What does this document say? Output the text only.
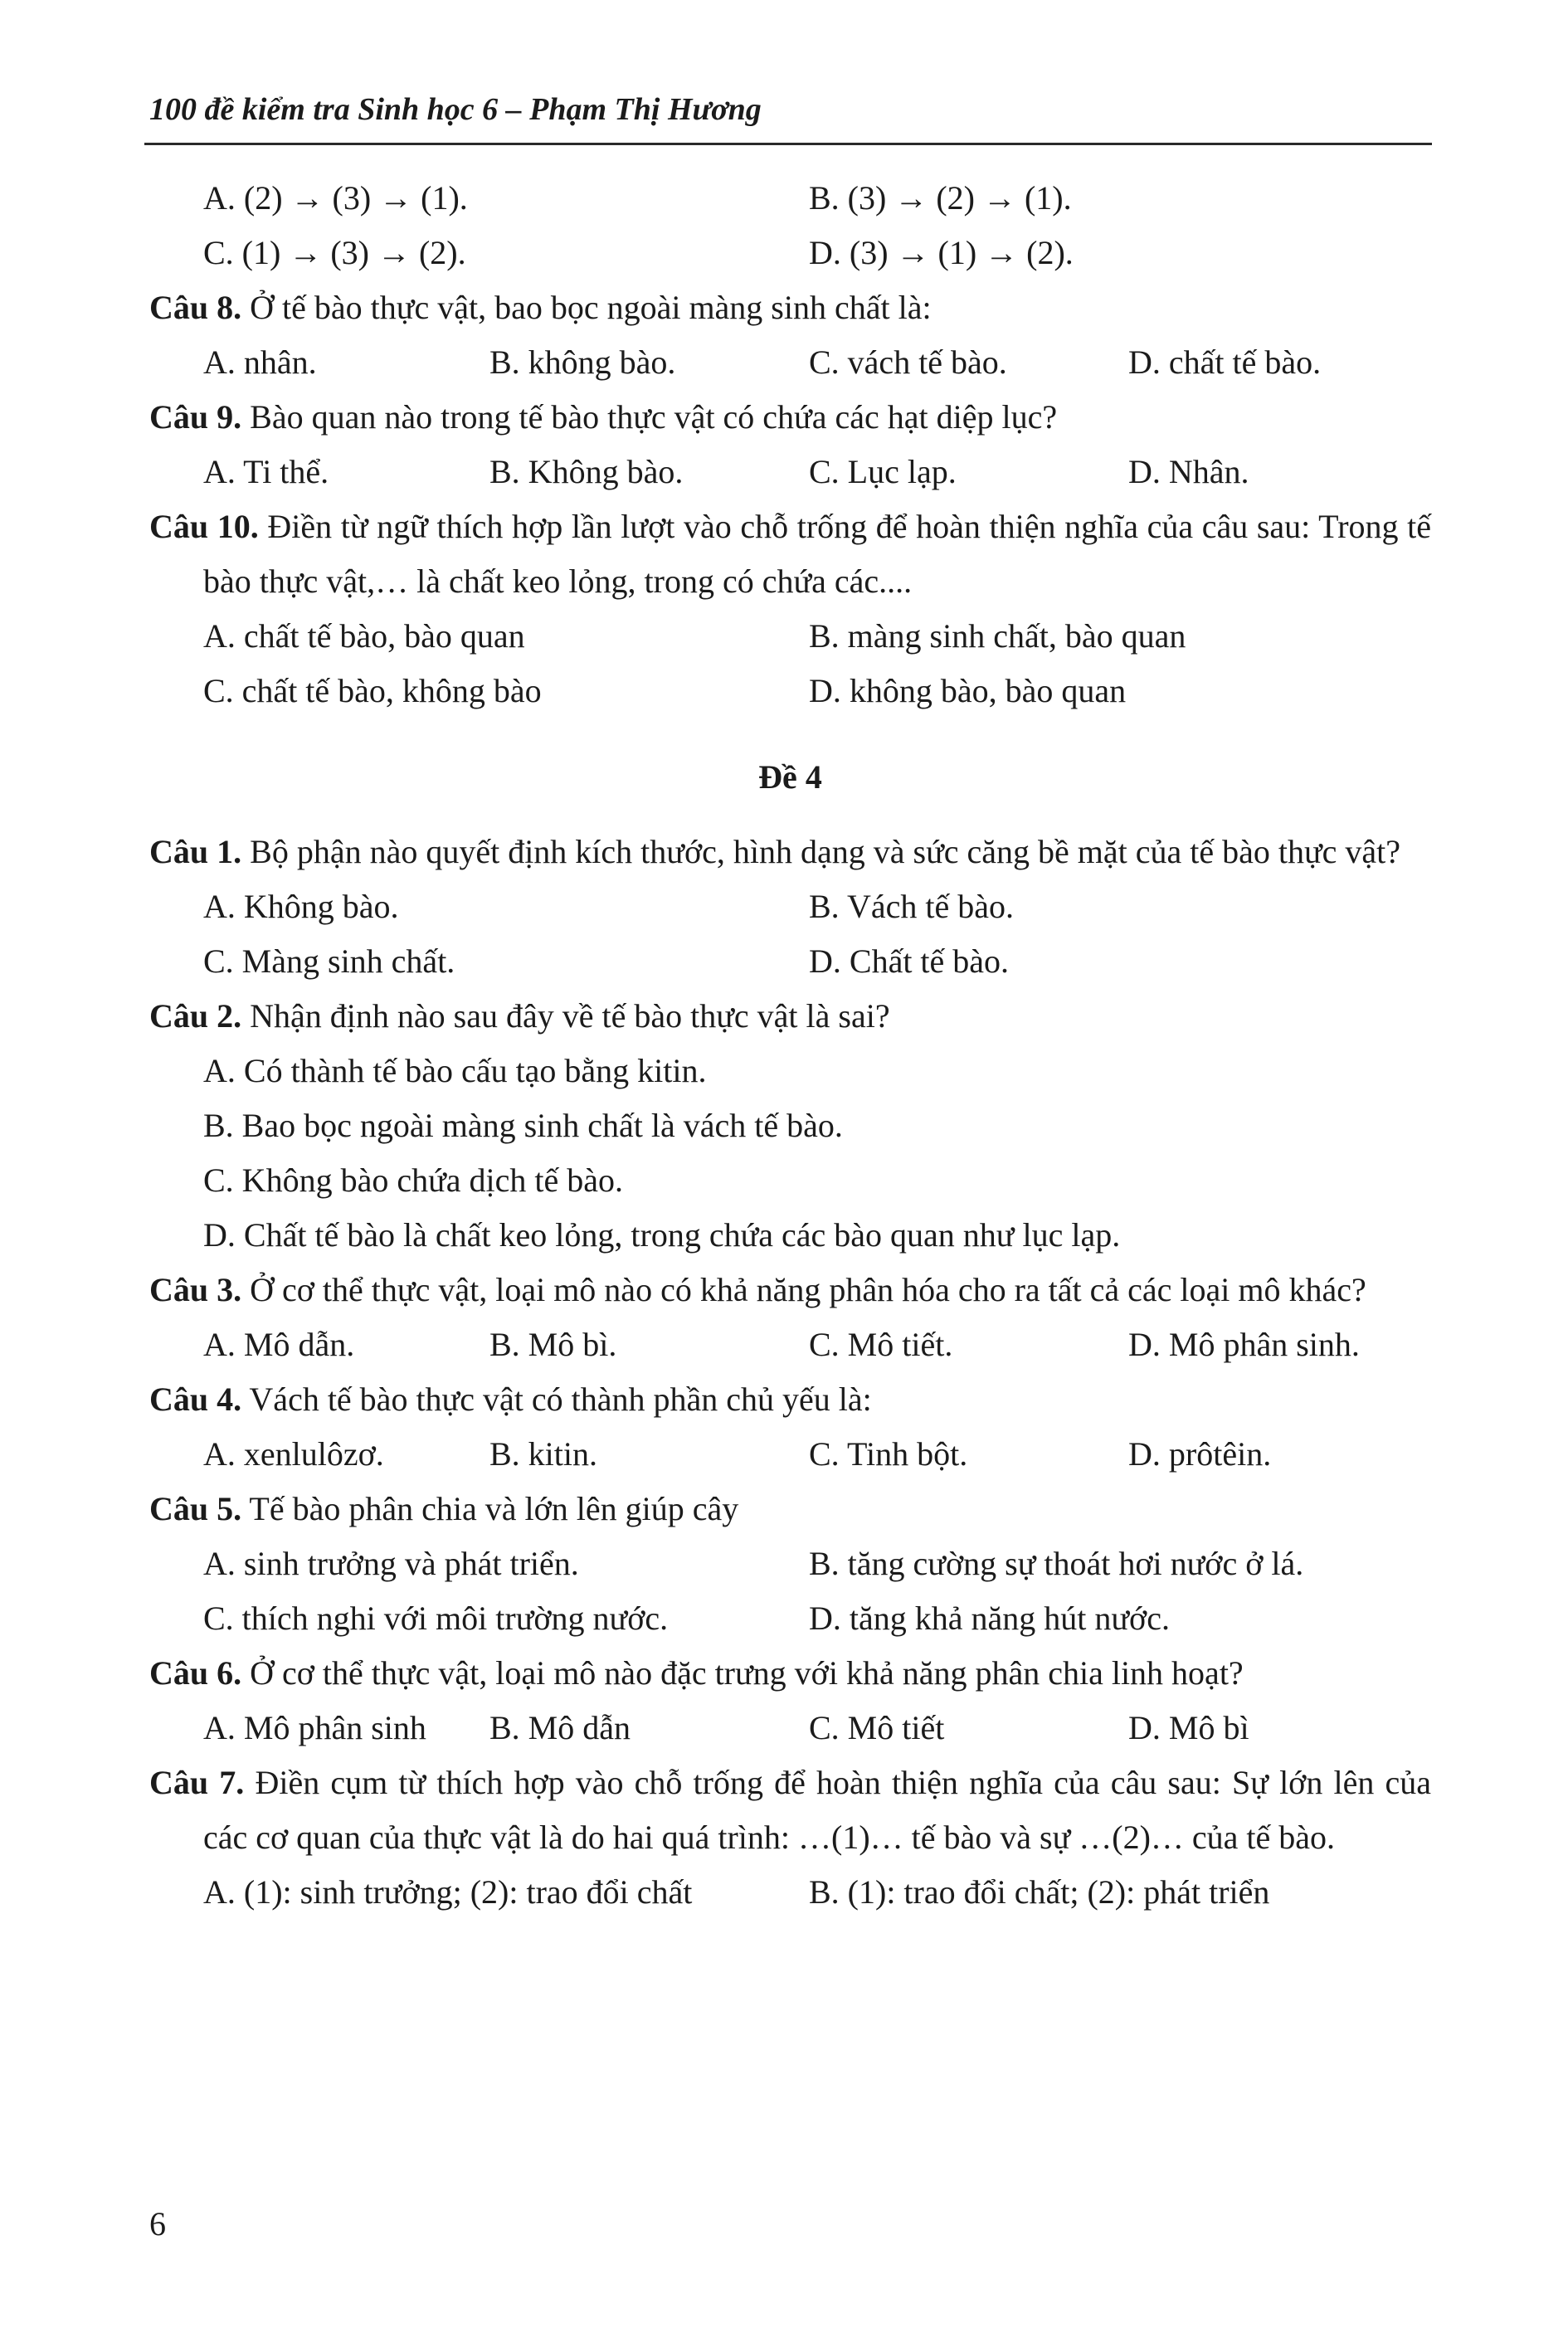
100 đề kiểm tra Sinh học 6 – Phạm Thị Hương
A. (2) → (3) → (1).	B. (3) → (2) → (1).
C. (1) → (3) → (2).	D. (3) → (1) → (2).
Câu 8. Ở tế bào thực vật, bao bọc ngoài màng sinh chất là:
A. nhân.	B. không bào.	C. vách tế bào.	D. chất tế bào.
Câu 9. Bào quan nào trong tế bào thực vật có chứa các hạt diệp lục?
A. Ti thể.	B. Không bào.	C. Lục lạp.	D. Nhân.
Câu 10. Điền từ ngữ thích hợp lần lượt vào chỗ trống để hoàn thiện nghĩa của câu sau: Trong tế bào thực vật,… là chất keo lỏng, trong có chứa các....
A. chất tế bào, bào quan	B. màng sinh chất, bào quan
C. chất tế bào, không bào	D. không bào, bào quan
Đề 4
Câu 1. Bộ phận nào quyết định kích thước, hình dạng và sức căng bề mặt của tế bào thực vật?
A. Không bào.	B. Vách tế bào.
C. Màng sinh chất.	D. Chất tế bào.
Câu 2. Nhận định nào sau đây về tế bào thực vật là sai?
A. Có thành tế bào cấu tạo bằng kitin.
B. Bao bọc ngoài màng sinh chất là vách tế bào.
C. Không bào chứa dịch tế bào.
D. Chất tế bào là chất keo lỏng, trong chứa các bào quan như lục lạp.
Câu 3. Ở cơ thể thực vật, loại mô nào có khả năng phân hóa cho ra tất cả các loại mô khác?
A. Mô dẫn.	B. Mô bì.	C. Mô tiết.	D. Mô phân sinh.
Câu 4. Vách tế bào thực vật có thành phần chủ yếu là:
A. xenlulôzơ.	B. kitin.	C. Tinh bột.	D. prôtêin.
Câu 5. Tế bào phân chia và lớn lên giúp cây
A. sinh trưởng và phát triển.	B. tăng cường sự thoát hơi nước ở lá.
C. thích nghi với môi trường nước.	D. tăng khả năng hút nước.
Câu 6. Ở cơ thể thực vật, loại mô nào đặc trưng với khả năng phân chia linh hoạt?
A. Mô phân sinh B. Mô dẫn	C. Mô tiết	D. Mô bì
Câu 7. Điền cụm từ thích hợp vào chỗ trống để hoàn thiện nghĩa của câu sau: Sự lớn lên của các cơ quan của thực vật là do hai quá trình: …(1)… tế bào và sự …(2)… của tế bào.
A. (1): sinh trưởng; (2): trao đổi chất	B. (1): trao đổi chất; (2): phát triển
6
